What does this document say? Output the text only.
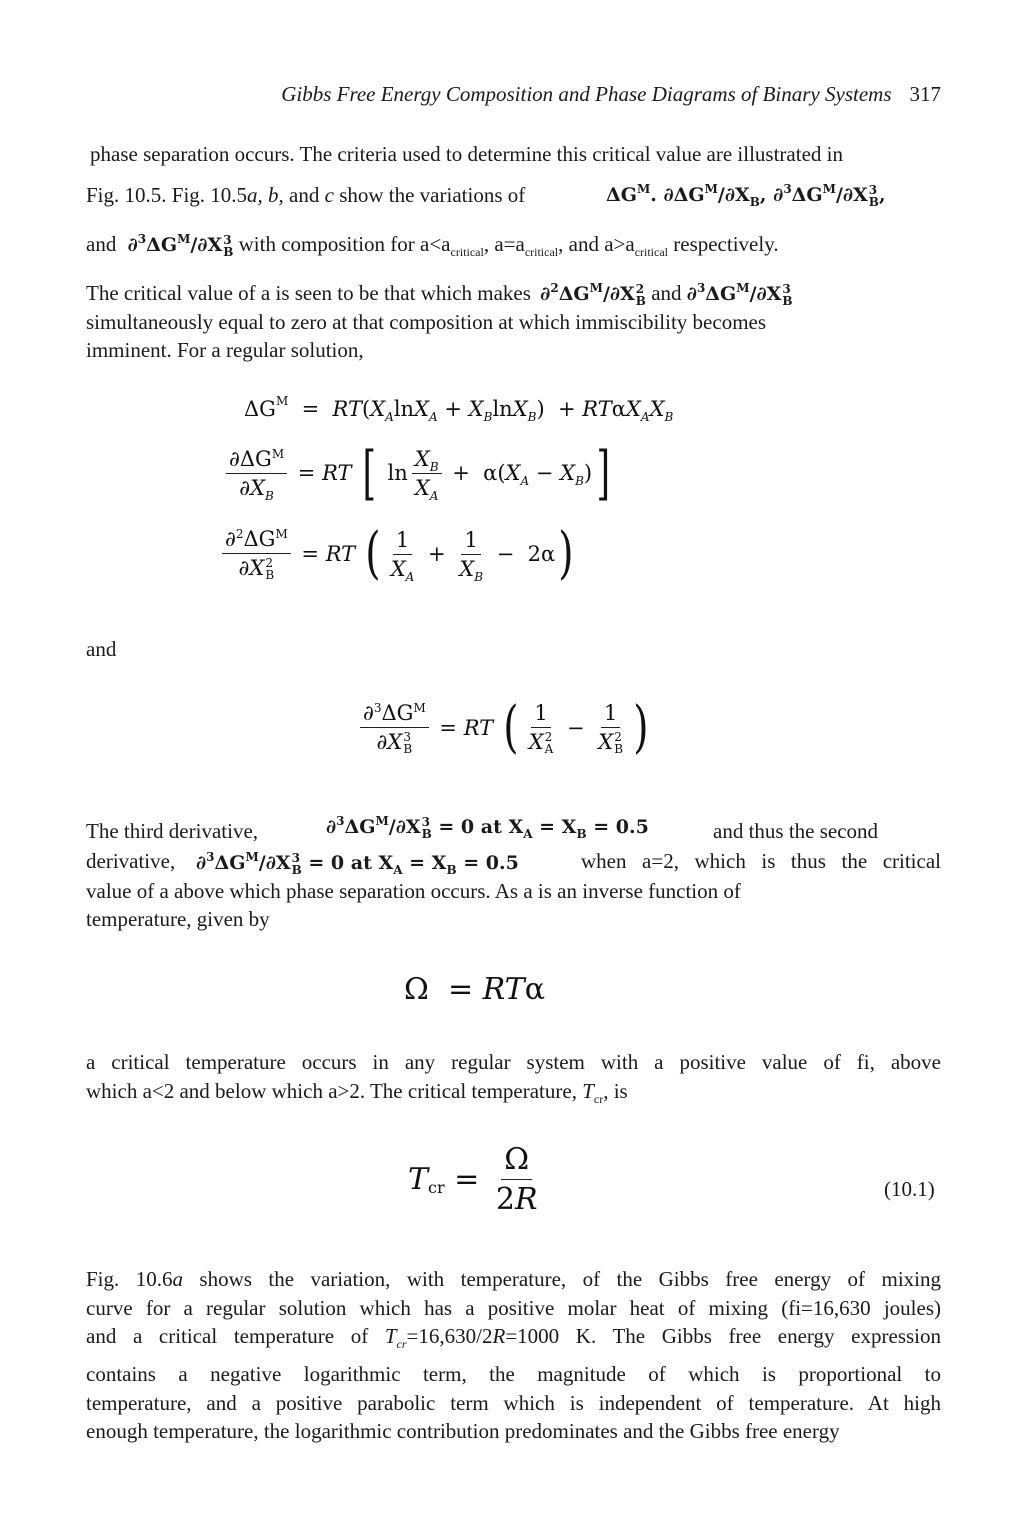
Gibbs Free Energy Composition and Phase Diagrams of Binary Systems 317
phase separation occurs. The criteria used to determine this critical value are illustrated in
Fig. 10.5. Fig. 10.5a, b, and c show the variations of	$\Delta G^M$. $\partial\Delta G^M/\partial X_B$, $\partial^3\Delta G^M/\partial X$ 3
B ,
and $\partial^3\Delta G^M/\partial X$ 3
B with composition for $a<a_{critical}$, $a=a_{critical}$, and $a>a_{critical}$ respectively.
The critical value of a is seen to be that which makes $\partial^2\Delta G^M/\partial X$ 2
B and $\partial^3\Delta G^M/\partial X$ 3
B
simultaneously equal to zero at that composition at which immiscibility becomes
imminent. For a regular solution,
$\Delta G^M$ = RT ( $X_A$ $\ln X_A + X_B$ $\ln X_B$ )  + RT α $X_AX_B$
$\frac{\partial\Delta G^M}{\partial X_B}$ = RT [ $\ln \frac{X_B}{X_A} + \alpha$( $X_A - X_B$ ) ]
$\partial^2\Delta G^M$
∂X 2
B = RT ( $\frac{1}{X_A} + \frac{1}{X_B} - 2\alpha$ )
and
$\partial^3\Delta G^M$
∂X 3
B = RT ( 1
X 2
A − 1
X 2
B )
The third derivative,	$\partial^3\Delta G^M/\partial X$ 3
B = 0 at $X_A = X_B = 0.5$	and thus the second
derivative, $\partial^3\Delta G^M/\partial X$ 3
B = 0 at $X_A = X_B = 0.5$	when a=2, which is thus the critical
value of a above which phase separation occurs. As a is an inverse function of
temperature, given by
Ω  = RT α

a critical temperature occurs in any regular system with a positive value of fi, above

which a<2 and below which a>2. The critical temperature, $T_{cr}$, is
$T_{cr} = \frac{\Omega}{2R}$	(10.1)

Fig. 10.6a shows the variation, with temperature, of the Gibbs free energy of mixing

curve for a regular solution which has a positive molar heat of mixing (fi=16,630 joules)

and a critical temperature of $T_{cr}=16,630/2R=1000$ K. The Gibbs free energy expression

contains a negative logarithmic term, the magnitude of which is proportional to

temperature, and a positive parabolic term which is independent of temperature. At high

enough temperature, the logarithmic contribution predominates and the Gibbs free energy
